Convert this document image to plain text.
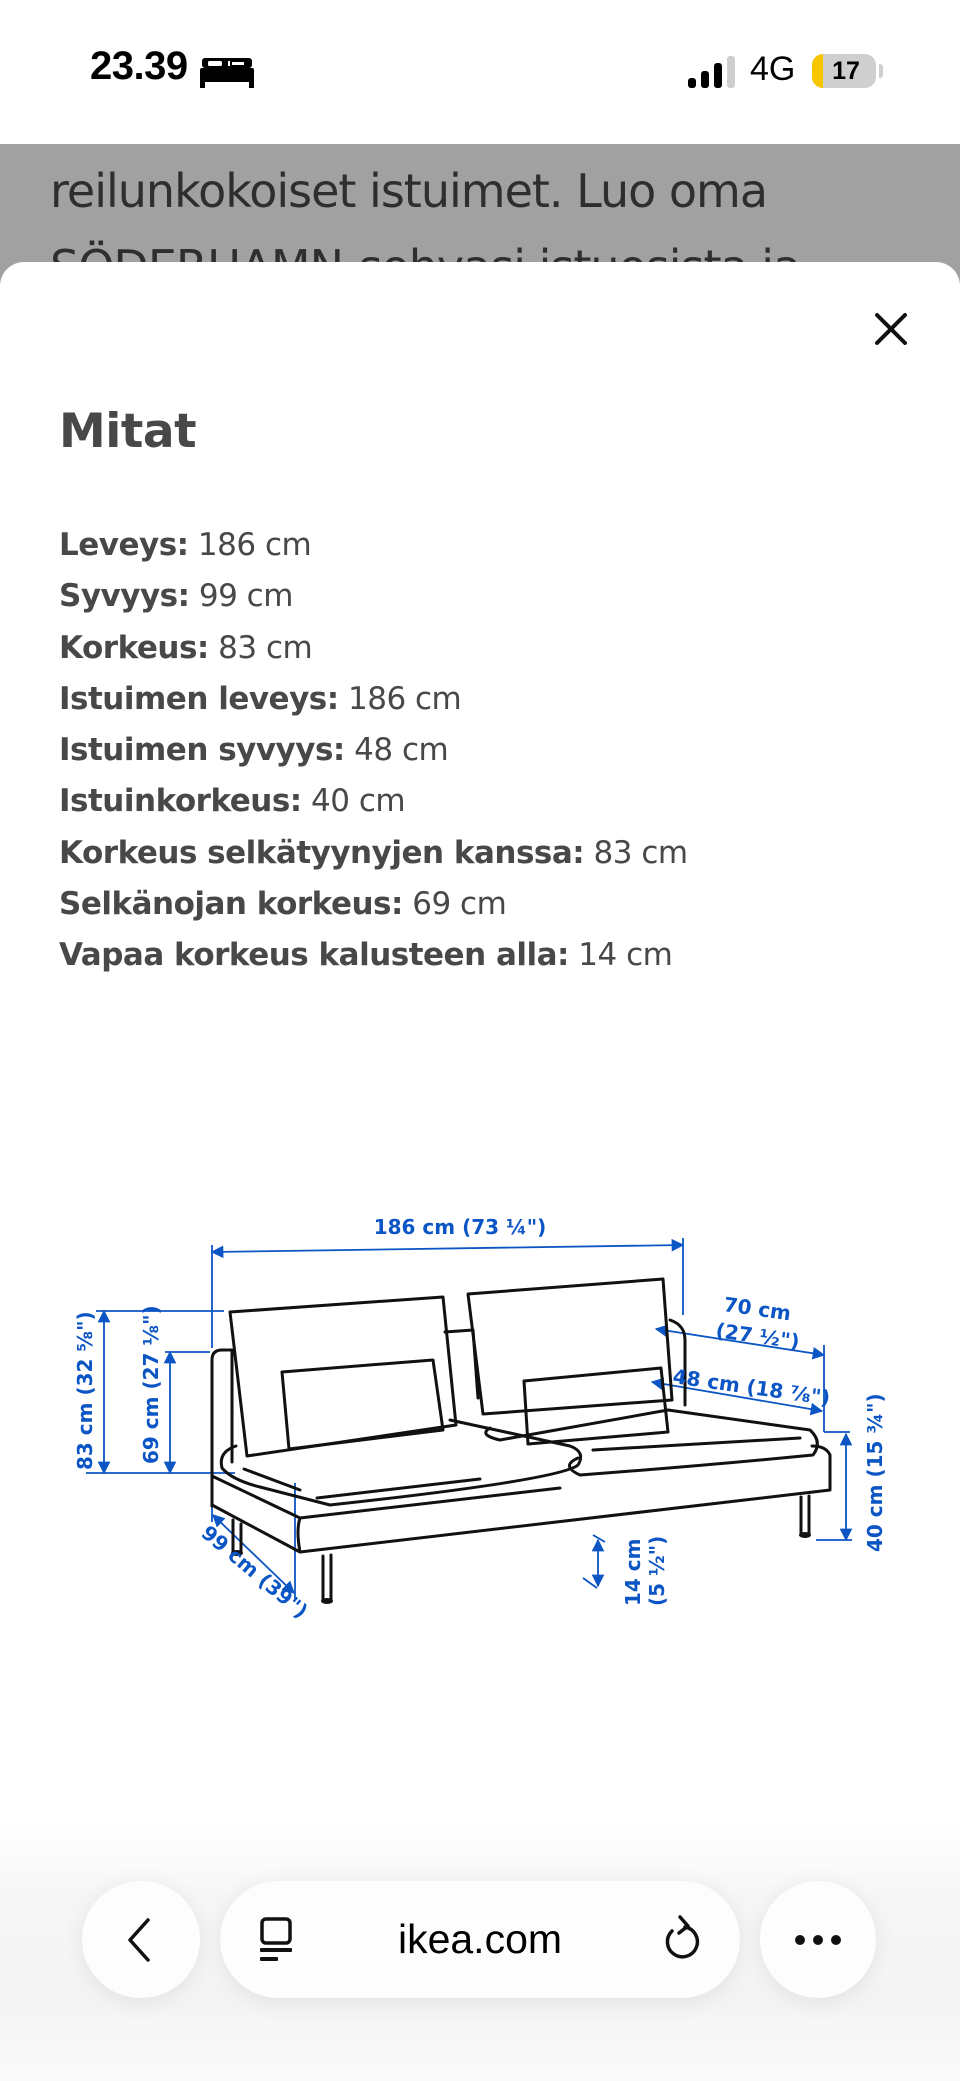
23.39	4G	17
reilunkokoiset istuimet. Luo oma
Mitat
Leveys: 186 cm
Syvyys: 99 cm
Korkeus: 83 cm
Istuimen leveys: 186 cm
Istuimen syvyys: 48 cm
Istuinkorkeus: 40 cm
Korkeus selkätyynyjen kanssa: 83 cm
Selkänojan korkeus: 69 cm
Vapaa korkeus kalusteen alla: 14 cm
186 cm (73 ¼")
83 cm (32 ⅝") 69 cm (27 ⅛")
99 cm (39")
70 cm
(27 ½")
48 cm (18 ⅞")
40 cm (15 ¾")
14 cm (5 ½")
ikea.com
